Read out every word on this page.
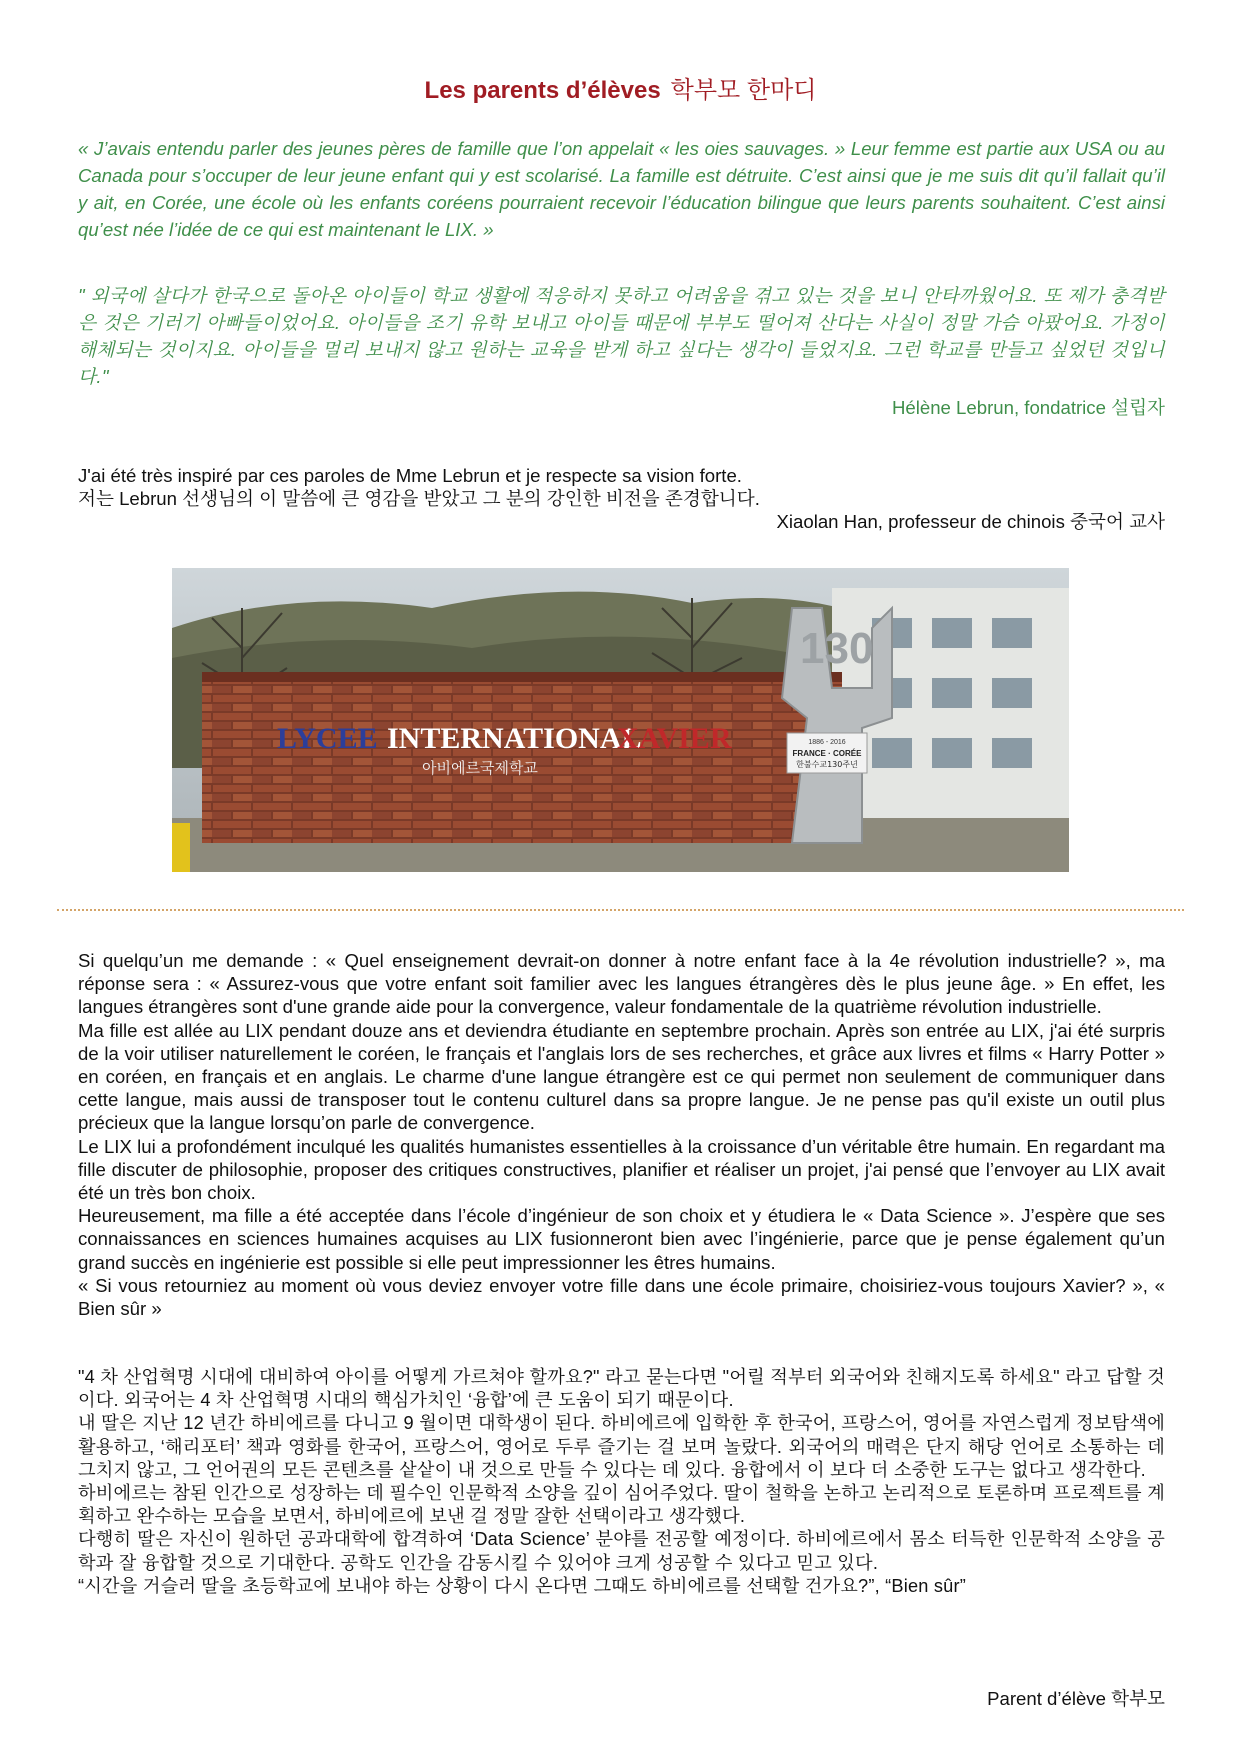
Les parents d’élèves 학부모 한마디
« J’avais entendu parler des jeunes pères de famille que l’on appelait « les oies sauvages. » Leur femme est partie aux USA ou au Canada pour s’occuper de leur jeune enfant qui y est scolarisé. La famille est détruite. C’est ainsi que je me suis dit qu’il fallait qu’il y ait, en Corée, une école où les enfants coréens pourraient recevoir l’éducation bilingue que leurs parents souhaitent. C’est ainsi qu’est née l’idée de ce qui est maintenant le LIX. »
" 외국에 살다가 한국으로 돌아온 아이들이 학교 생활에 적응하지 못하고 어려움을 겪고 있는 것을 보니 안타까웠어요. 또 제가 충격받은 것은 기러기 아빠들이었어요. 아이들을 조기 유학 보내고 아이들 때문에 부부도 떨어져 산다는 사실이 정말 가슴 아팠어요. 가정이 해체되는 것이지요. 아이들을 멀리 보내지 않고 원하는 교육을 받게 하고 싶다는 생각이 들었지요. 그런 학교를 만들고 싶었던 것입니다."
Hélène Lebrun, fondatrice 설립자
J'ai été très inspiré par ces paroles de Mme Lebrun et je respecte sa vision forte.
저는 Lebrun 선생님의 이 말씀에 큰 영감을 받았고 그 분의 강인한 비전을 존경합니다.
Xiaolan Han, professeur de chinois 중국어 교사
LYCEE INTERNATIONAL
XAVIER
아비에르국제학교
130
1886 - 2016
FRANCE · CORÉE
한불수교130주년

Si quelqu’un me demande : « Quel enseignement devrait-on donner à notre enfant face à la 4e révolution industrielle? », ma réponse sera : « Assurez-vous que votre enfant soit familier avec les langues étrangères dès le plus jeune âge. » En effet, les langues étrangères sont d'une grande aide pour la convergence, valeur fondamentale de la quatrième révolution industrielle.

Ma fille est allée au LIX pendant douze ans et deviendra étudiante en septembre prochain. Après son entrée au LIX, j'ai été surpris de la voir utiliser naturellement le coréen, le français et l'anglais lors de ses recherches, et grâce aux livres et films « Harry Potter » en coréen, en français et en anglais. Le charme d'une langue étrangère est ce qui permet non seulement de communiquer dans cette langue, mais aussi de transposer tout le contenu culturel dans sa propre langue. Je ne pense pas qu'il existe un outil plus précieux que la langue lorsqu’on parle de convergence.

Le LIX lui a profondément inculqué les qualités humanistes essentielles à la croissance d’un véritable être humain. En regardant ma fille discuter de philosophie, proposer des critiques constructives, planifier et réaliser un projet, j'ai pensé que l’envoyer au LIX avait été un très bon choix.

Heureusement, ma fille a été acceptée dans l’école d’ingénieur de son choix et y étudiera le « Data Science ». J’espère que ses connaissances en sciences humaines acquises au LIX fusionneront bien avec l’ingénierie, parce que je pense également qu’un grand succès en ingénierie est possible si elle peut impressionner les êtres humains.

« Si vous retourniez au moment où vous deviez envoyer votre fille dans une école primaire, choisiriez-vous toujours Xavier? », « Bien sûr »

"4 차 산업혁명 시대에 대비하여 아이를 어떻게 가르쳐야 할까요?" 라고 묻는다면 "어릴 적부터 외국어와 친해지도록 하세요" 라고 답할 것이다. 외국어는 4 차 산업혁명 시대의 핵심가치인 ‘융합’에 큰 도움이 되기 때문이다.

내 딸은 지난 12 년간 하비에르를 다니고 9 월이면 대학생이 된다. 하비에르에 입학한 후 한국어, 프랑스어, 영어를 자연스럽게 정보탐색에 활용하고, ‘해리포터’ 책과 영화를 한국어, 프랑스어, 영어로 두루 즐기는 걸 보며 놀랐다. 외국어의 매력은 단지 해당 언어로 소통하는 데 그치지 않고, 그 언어권의 모든 콘텐츠를 샅샅이 내 것으로 만들 수 있다는 데 있다. 융합에서 이 보다 더 소중한 도구는 없다고 생각한다.

하비에르는 참된 인간으로 성장하는 데 필수인 인문학적 소양을 깊이 심어주었다. 딸이 철학을 논하고 논리적으로 토론하며 프로젝트를 계획하고 완수하는 모습을 보면서, 하비에르에 보낸 걸 정말 잘한 선택이라고 생각했다.

다행히 딸은 자신이 원하던 공과대학에 합격하여 ‘Data Science’ 분야를 전공할 예정이다. 하비에르에서 몸소 터득한 인문학적 소양을 공학과 잘 융합할 것으로 기대한다. 공학도 인간을 감동시킬 수 있어야 크게 성공할 수 있다고 믿고 있다.

“시간을 거슬러 딸을 초등학교에 보내야 하는 상황이 다시 온다면 그때도 하비에르를 선택할 건가요?”, “Bien sûr”

Parent d’élève 학부모
